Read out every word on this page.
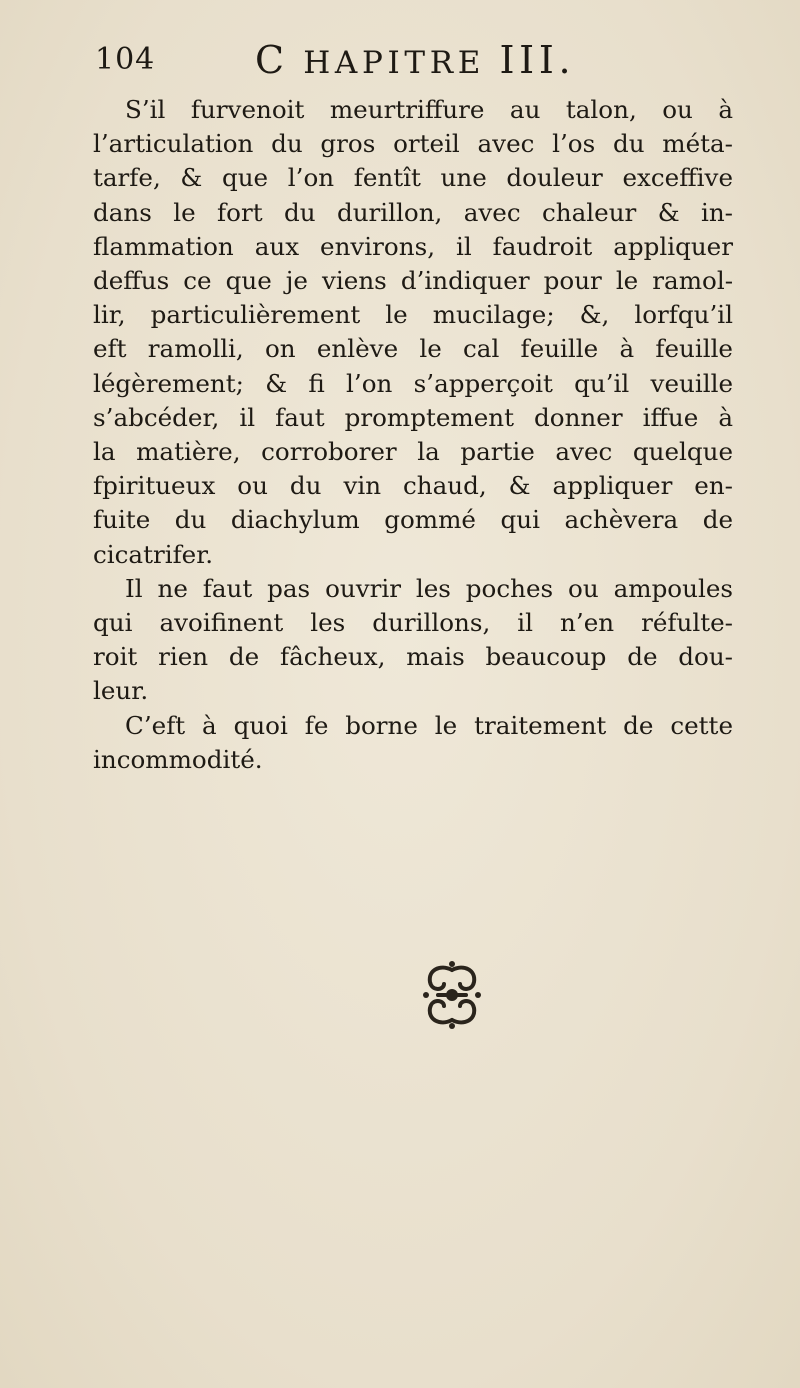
104	C HAPITRE III.
S’il furvenoit meurtriffure au talon, ou à
l’articulation du gros orteil avec l’os du méta-
tarfe, & que l’on fentît une douleur exceffive
dans le fort du durillon, avec chaleur & in-
flammation aux environs, il faudroit appliquer
deffus ce que je viens d’indiquer pour le ramol-
lir, particulièrement le mucilage; &, lorfqu’il
eft ramolli, on enlève le cal feuille à feuille
légèrement; & fi l’on s’apperçoit qu’il veuille
s’abcéder, il faut promptement donner iffue à
la matière, corroborer la partie avec quelque
fpiritueux ou du vin chaud, & appliquer en-
fuite du diachylum gommé qui achèvera de
cicatrifer.
Il ne faut pas ouvrir les poches ou ampoules
qui avoifinent les durillons, il n’en réfulte-
roit rien de fâcheux, mais beaucoup de dou-
leur.
C’eft à quoi fe borne le traitement de cette
incommodité.
